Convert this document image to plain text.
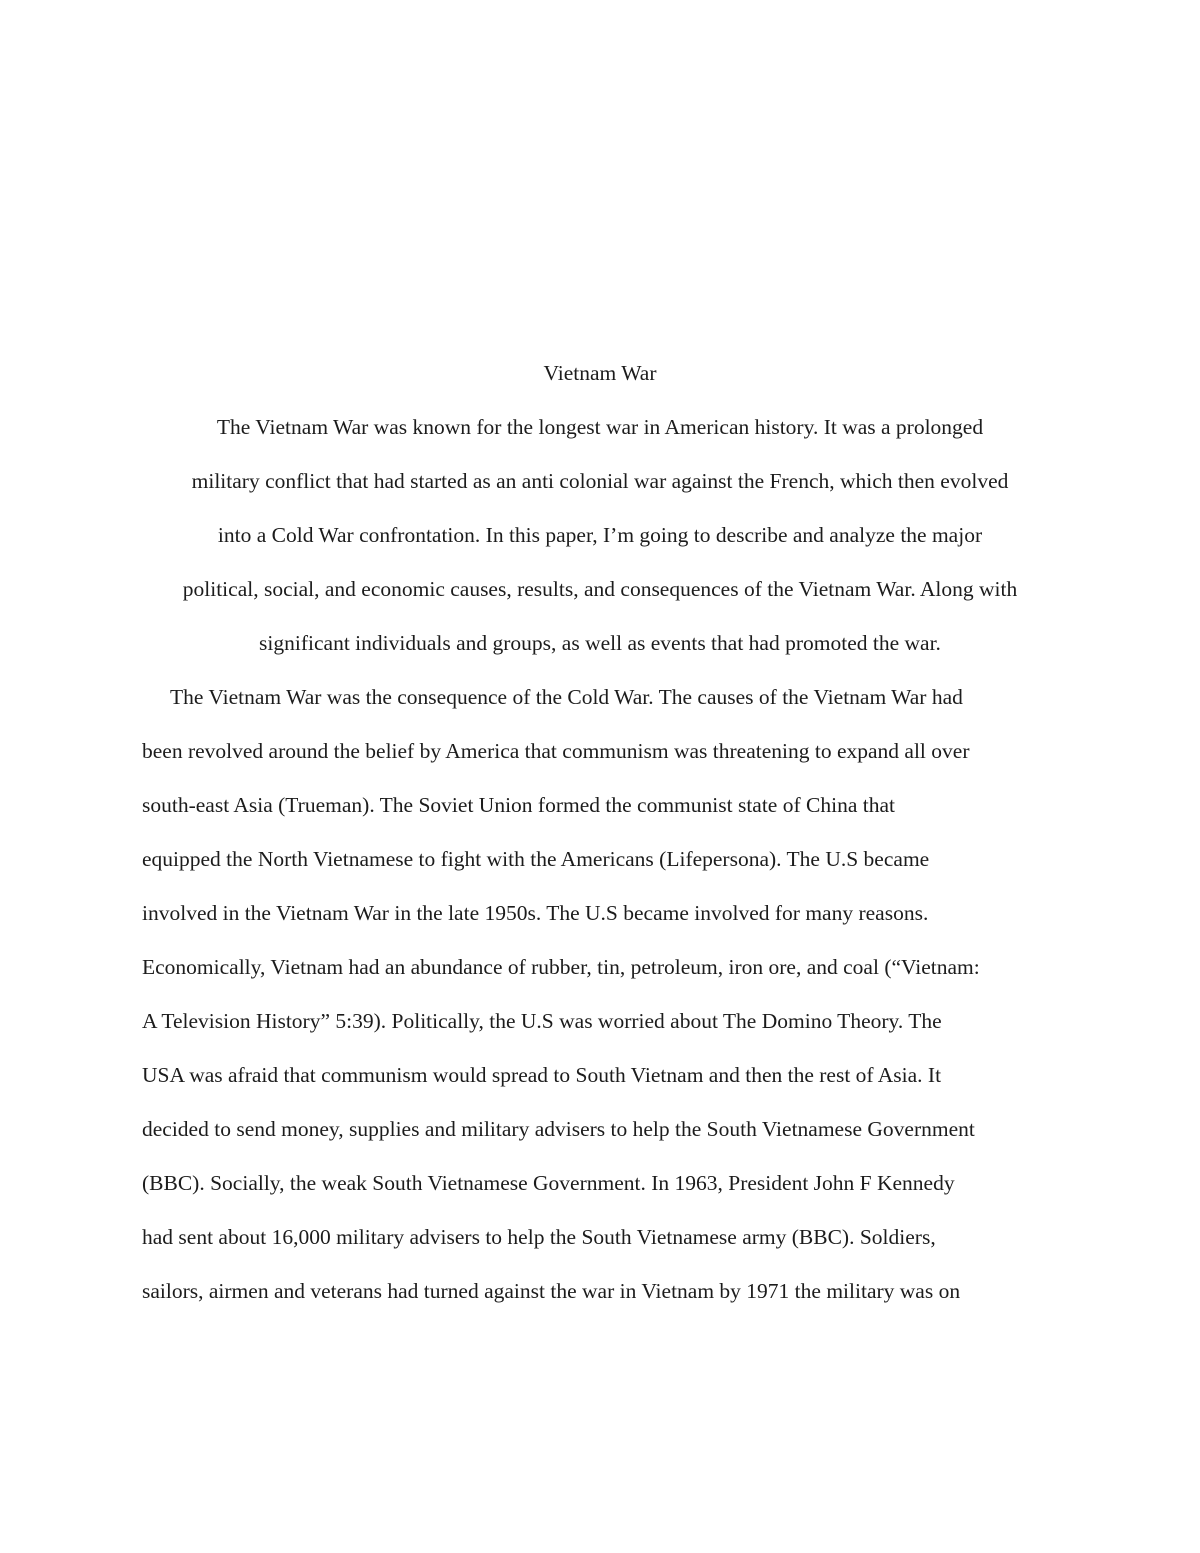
Vietnam War
The Vietnam War was known for the longest war in American history. It was a prolonged
military conflict that had started as an anti colonial war against the French, which then evolved
into a Cold War confrontation. In this paper, I’m going to describe and analyze the major
political, social, and economic causes, results, and consequences of the Vietnam War. Along with
significant individuals and groups, as well as events that had promoted the war.
The Vietnam War was the consequence of the Cold War. The causes of the Vietnam War had
been revolved around the belief by America that communism was threatening to expand all over
south-east Asia (Trueman). The Soviet Union formed the communist state of China that
equipped the North Vietnamese to fight with the Americans (Lifepersona). The U.S became
involved in the Vietnam War in the late 1950s. The U.S became involved for many reasons.
Economically, Vietnam had an abundance of rubber, tin, petroleum, iron ore, and coal (“Vietnam:
A Television History” 5:39). Politically, the U.S was worried about The Domino Theory. The
USA was afraid that communism would spread to South Vietnam and then the rest of Asia. It
decided to send money, supplies and military advisers to help the South Vietnamese Government
(BBC). Socially, the weak South Vietnamese Government. In 1963, President John F Kennedy
had sent about 16,000 military advisers to help the South Vietnamese army (BBC). Soldiers,
sailors, airmen and veterans had turned against the war in Vietnam by 1971 the military was on
